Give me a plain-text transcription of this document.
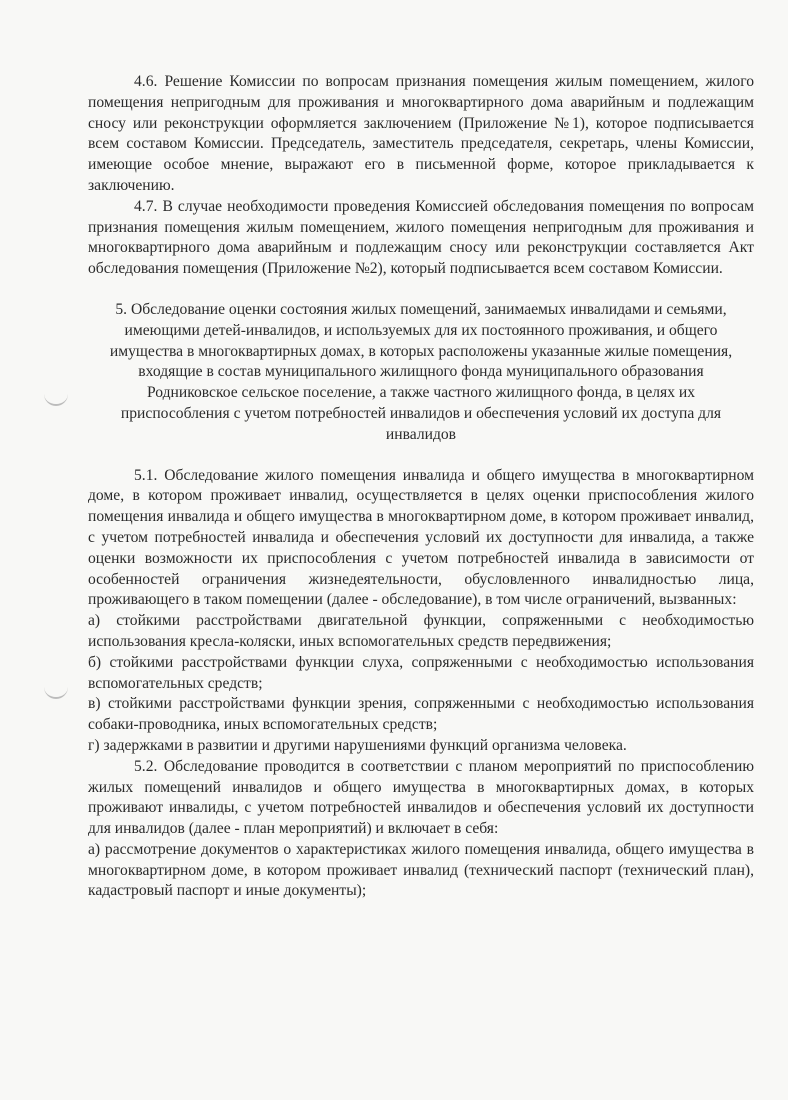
4.6. Решение Комиссии по вопросам признания помещения жилым помещением, жилого помещения непригодным для проживания и многоквартирного дома аварийным и подлежащим сносу или реконструкции оформляется заключением (Приложение №1), которое подписывается всем составом Комиссии. Председатель, заместитель председателя, секретарь, члены Комиссии, имеющие особое мнение, выражают его в письменной форме, которое прикладывается к заключению.

4.7. В случае необходимости проведения Комиссией обследования помещения по вопросам признания помещения жилым помещением, жилого помещения непригодным для проживания и многоквартирного дома аварийным и подлежащим сносу или реконструкции составляется Акт обследования помещения (Приложение №2), который подписывается всем составом Комиссии.

5. Обследование оценки состояния жилых помещений, занимаемых инвалидами и семьями, имеющими детей-инвалидов, и используемых для их постоянного проживания, и общего имущества в многоквартирных домах, в которых расположены указанные жилые помещения, входящие в состав муниципального жилищного фонда муниципального образования Родниковское сельское поселение, а также частного жилищного фонда, в целях их приспособления с учетом потребностей инвалидов и обеспечения условий их доступа для инвалидов

5.1. Обследование жилого помещения инвалида и общего имущества в многоквартирном доме, в котором проживает инвалид, осуществляется в целях оценки приспособления жилого помещения инвалида и общего имущества в многоквартирном доме, в котором проживает инвалид, с учетом потребностей инвалида и обеспечения условий их доступности для инвалида, а также оценки возможности их приспособления с учетом потребностей инвалида в зависимости от особенностей ограничения жизнедеятельности, обусловленного инвалидностью лица, проживающего в таком помещении (далее - обследование), в том числе ограничений, вызванных:

а) стойкими расстройствами двигательной функции, сопряженными с необходимостью использования кресла-коляски, иных вспомогательных средств передвижения;

б) стойкими расстройствами функции слуха, сопряженными с необходимостью использования вспомогательных средств;

в) стойкими расстройствами функции зрения, сопряженными с необходимостью использования собаки-проводника, иных вспомогательных средств;

г) задержками в развитии и другими нарушениями функций организма человека.

5.2. Обследование проводится в соответствии с планом мероприятий по приспособлению жилых помещений инвалидов и общего имущества в многоквартирных домах, в которых проживают инвалиды, с учетом потребностей инвалидов и обеспечения условий их доступности для инвалидов (далее - план мероприятий) и включает в себя:

а) рассмотрение документов о характеристиках жилого помещения инвалида, общего имущества в многоквартирном доме, в котором проживает инвалид (технический паспорт (технический план), кадастровый паспорт и иные документы);
